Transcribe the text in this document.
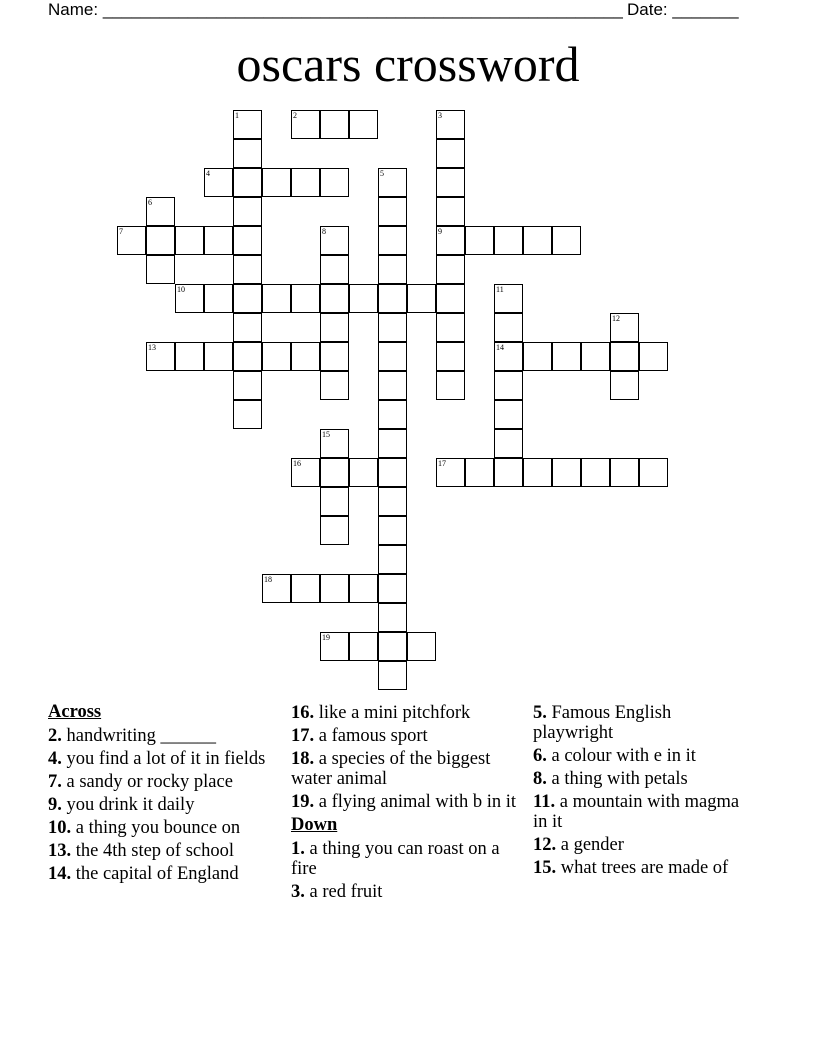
Name: _______________________________________________________ Date: _______
oscars crossword
1	2	3
4	5
6
7	8	9
10	11
12
13	14
15
16	17
18
19
Across
2. handwriting ______
4. you find a lot of it in fields
7. a sandy or rocky place
9. you drink it daily
10. a thing you bounce on
13. the 4th step of school
14. the capital of England
16. like a mini pitchfork
17. a famous sport
18. a species of the biggest water animal
19. a flying animal with b in it
Down
1. a thing you can roast on a fire
3. a red fruit
5. Famous English playwright
6. a colour with e in it
8. a thing with petals
11. a mountain with magma in it
12. a gender
15. what trees are made of
